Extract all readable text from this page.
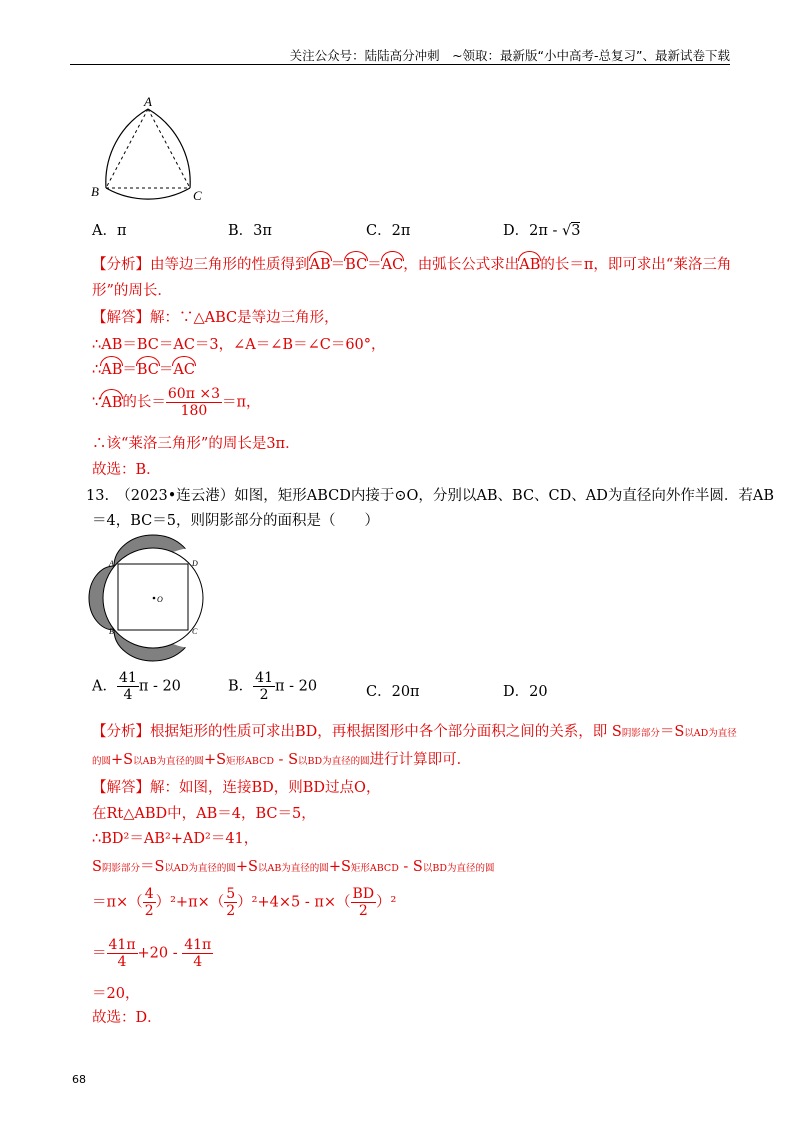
关注公众号：陆陆高分冲刺　~领取：最新版“小中高考-总复习”、最新试卷下载
A
B	C
A．π	B．3π	C．2π	D．2π - √3
【分析】由等边三角形的性质得到AB＝BC＝AC，由弧长公式求出AB的长＝π，即可求出“莱洛三角
形”的周长．
【解答】解：∵△ABC是等边三角形，
∴AB＝BC＝AC＝3，∠A＝∠B＝∠C＝60°，
∴AB＝BC＝AC
∵AB的长＝ $\frac{60\pi \times 3}{180} =\pi$，
∴该“莱洛三角形”的周长是3π．
故选：B．
13.　（2023•连云港）如图，矩形ABCD内接于⊙O，分别以AB、BC、CD、AD为直径向外作半圆．若AB
＝4，BC＝5，则阴影部分的面积是（　　）
O
A	D
B	C
A． $\frac{41}{4}$ π - 20	B． $\frac{41}{2}$ π - 20	C．20π	D．20
【分析】根据矩形的性质可求出BD，再根据图形中各个部分面积之间的关系，即 S阴影部分＝S以AD为直径
的圆+S以AB为直径的圆+S矩形ABCD - S以BD为直径的圆进行计算即可．
【解答】解：如图，连接BD，则BD过点O，
在Rt△ABD中，AB＝4，BC＝5，
∴BD²＝AB²+AD²＝41，
S阴影部分＝S以AD为直径的圆+S以AB为直径的圆+S矩形ABCD - S以BD为直径的圆
$=\pi\times( \frac{4}{2} )^2+\pi\times( \frac{5}{2} )^2+4\times 5 - \pi\times( \frac{BD}{2} )^2$
＝ $\frac{41\pi}{4} +20 - \frac{41\pi}{4}$
＝20，
故选：D．
68
